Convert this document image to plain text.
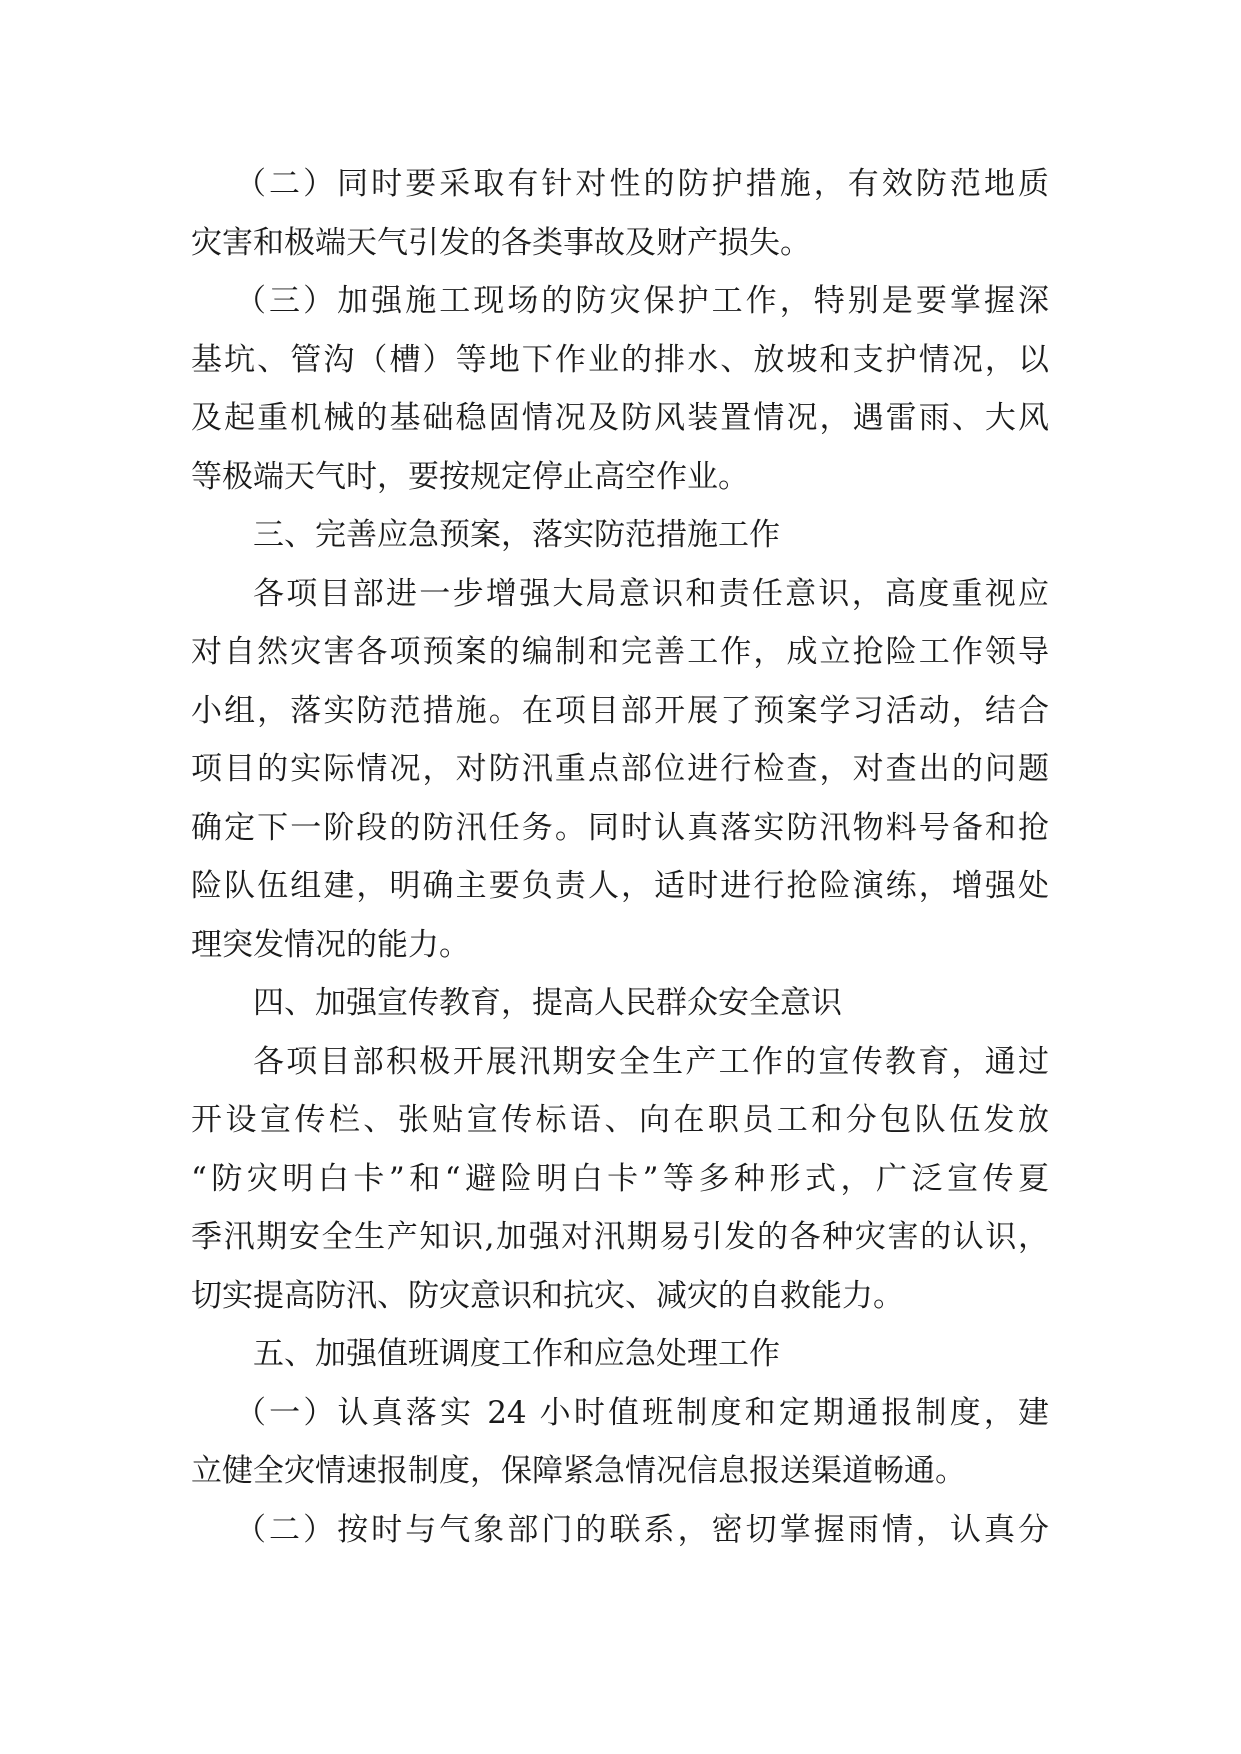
（二）同时要采取有针对性的防护措施，有效防范地质
灾害和极端天气引发的各类事故及财产损失。
（三）加强施工现场的防灾保护工作，特别是要掌握深
基坑、管沟（槽）等地下作业的排水、放坡和支护情况，以
及起重机械的基础稳固情况及防风装置情况，遇雷雨、大风
等极端天气时，要按规定停止高空作业。
三、完善应急预案，落实防范措施工作
各项目部进一步增强大局意识和责任意识，高度重视应
对自然灾害各项预案的编制和完善工作，成立抢险工作领导
小组，落实防范措施。在项目部开展了预案学习活动，结合
项目的实际情况，对防汛重点部位进行检查，对查出的问题
确定下一阶段的防汛任务。同时认真落实防汛物料号备和抢
险队伍组建，明确主要负责人，适时进行抢险演练，增强处
理突发情况的能力。
四、加强宣传教育，提高人民群众安全意识
各项目部积极开展汛期安全生产工作的宣传教育，通过
开设宣传栏、张贴宣传标语、向在职员工和分包队伍发放
“防灾明白卡”和“避险明白卡”等多种形式，广泛宣传夏
季汛期安全生产知识,加强对汛期易引发的各种灾害的认识，
切实提高防汛、防灾意识和抗灾、减灾的自救能力。
五、加强值班调度工作和应急处理工作
（一）认真落实 24 小时值班制度和定期通报制度，建
立健全灾情速报制度，保障紧急情况信息报送渠道畅通。
（二）按时与气象部门的联系，密切掌握雨情，认真分
